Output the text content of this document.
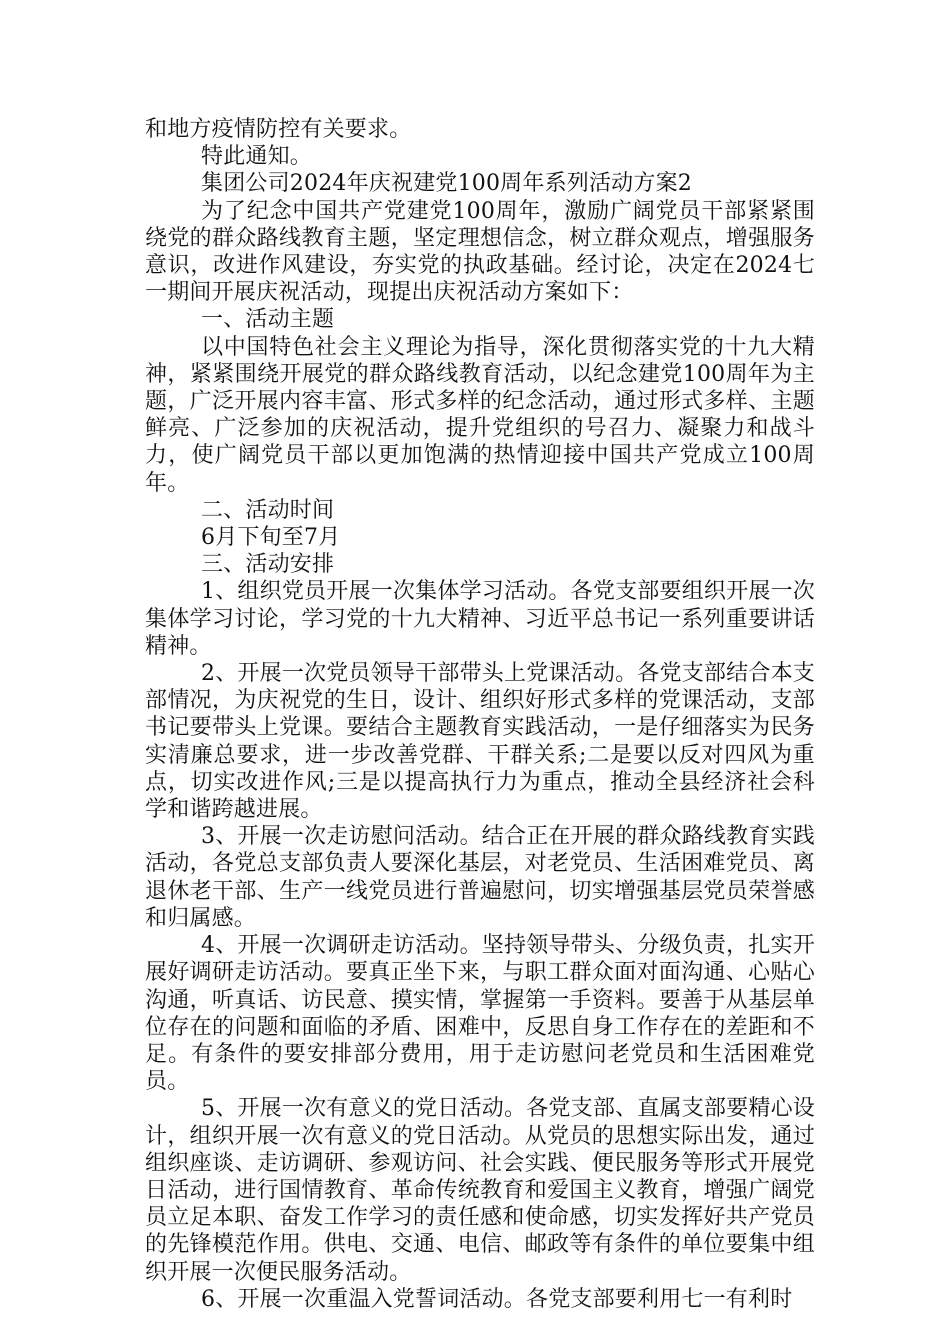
和地方疫情防控有关要求。

特此通知。

集团公司2024年庆祝建党100周年系列活动方案2

为了纪念中国共产党建党100周年，激励广阔党员干部紧紧围绕党的群众路线教育主题，坚定理想信念，树立群众观点，增强服务意识，改进作风建设，夯实党的执政基础。经讨论，决定在2024七一期间开展庆祝活动，现提出庆祝活动方案如下：

一、活动主题

以中国特色社会主义理论为指导，深化贯彻落实党的十九大精神，紧紧围绕开展党的群众路线教育活动，以纪念建党100周年为主题，广泛开展内容丰富、形式多样的纪念活动，通过形式多样、主题鲜亮、广泛参加的庆祝活动，提升党组织的号召力、凝聚力和战斗力，使广阔党员干部以更加饱满的热情迎接中国共产党成立100周年。

二、活动时间

6月下旬至7月

三、活动安排

1、组织党员开展一次集体学习活动。各党支部要组织开展一次集体学习讨论，学习党的十九大精神、习近平总书记一系列重要讲话精神。

2、开展一次党员领导干部带头上党课活动。各党支部结合本支部情况，为庆祝党的生日，设计、组织好形式多样的党课活动，支部书记要带头上党课。要结合主题教育实践活动，一是仔细落实为民务实清廉总要求，进一步改善党群、干群关系;二是要以反对四风为重点，切实改进作风;三是以提高执行力为重点，推动全县经济社会科学和谐跨越进展。

3、开展一次走访慰问活动。结合正在开展的群众路线教育实践活动，各党总支部负责人要深化基层，对老党员、生活困难党员、离退休老干部、生产一线党员进行普遍慰问，切实增强基层党员荣誉感和归属感。

4、开展一次调研走访活动。坚持领导带头、分级负责，扎实开展好调研走访活动。要真正坐下来，与职工群众面对面沟通、心贴心沟通，听真话、访民意、摸实情，掌握第一手资料。要善于从基层单位存在的问题和面临的矛盾、困难中，反思自身工作存在的差距和不足。有条件的要安排部分费用，用于走访慰问老党员和生活困难党员。

5、开展一次有意义的党日活动。各党支部、直属支部要精心设计，组织开展一次有意义的党日活动。从党员的思想实际出发，通过组织座谈、走访调研、参观访问、社会实践、便民服务等形式开展党日活动，进行国情教育、革命传统教育和爱国主义教育，增强广阔党员立足本职、奋发工作学习的责任感和使命感，切实发挥好共产党员的先锋模范作用。供电、交通、电信、邮政等有条件的单位要集中组织开展一次便民服务活动。

6、开展一次重温入党誓词活动。各党支部要利用七一有利时
